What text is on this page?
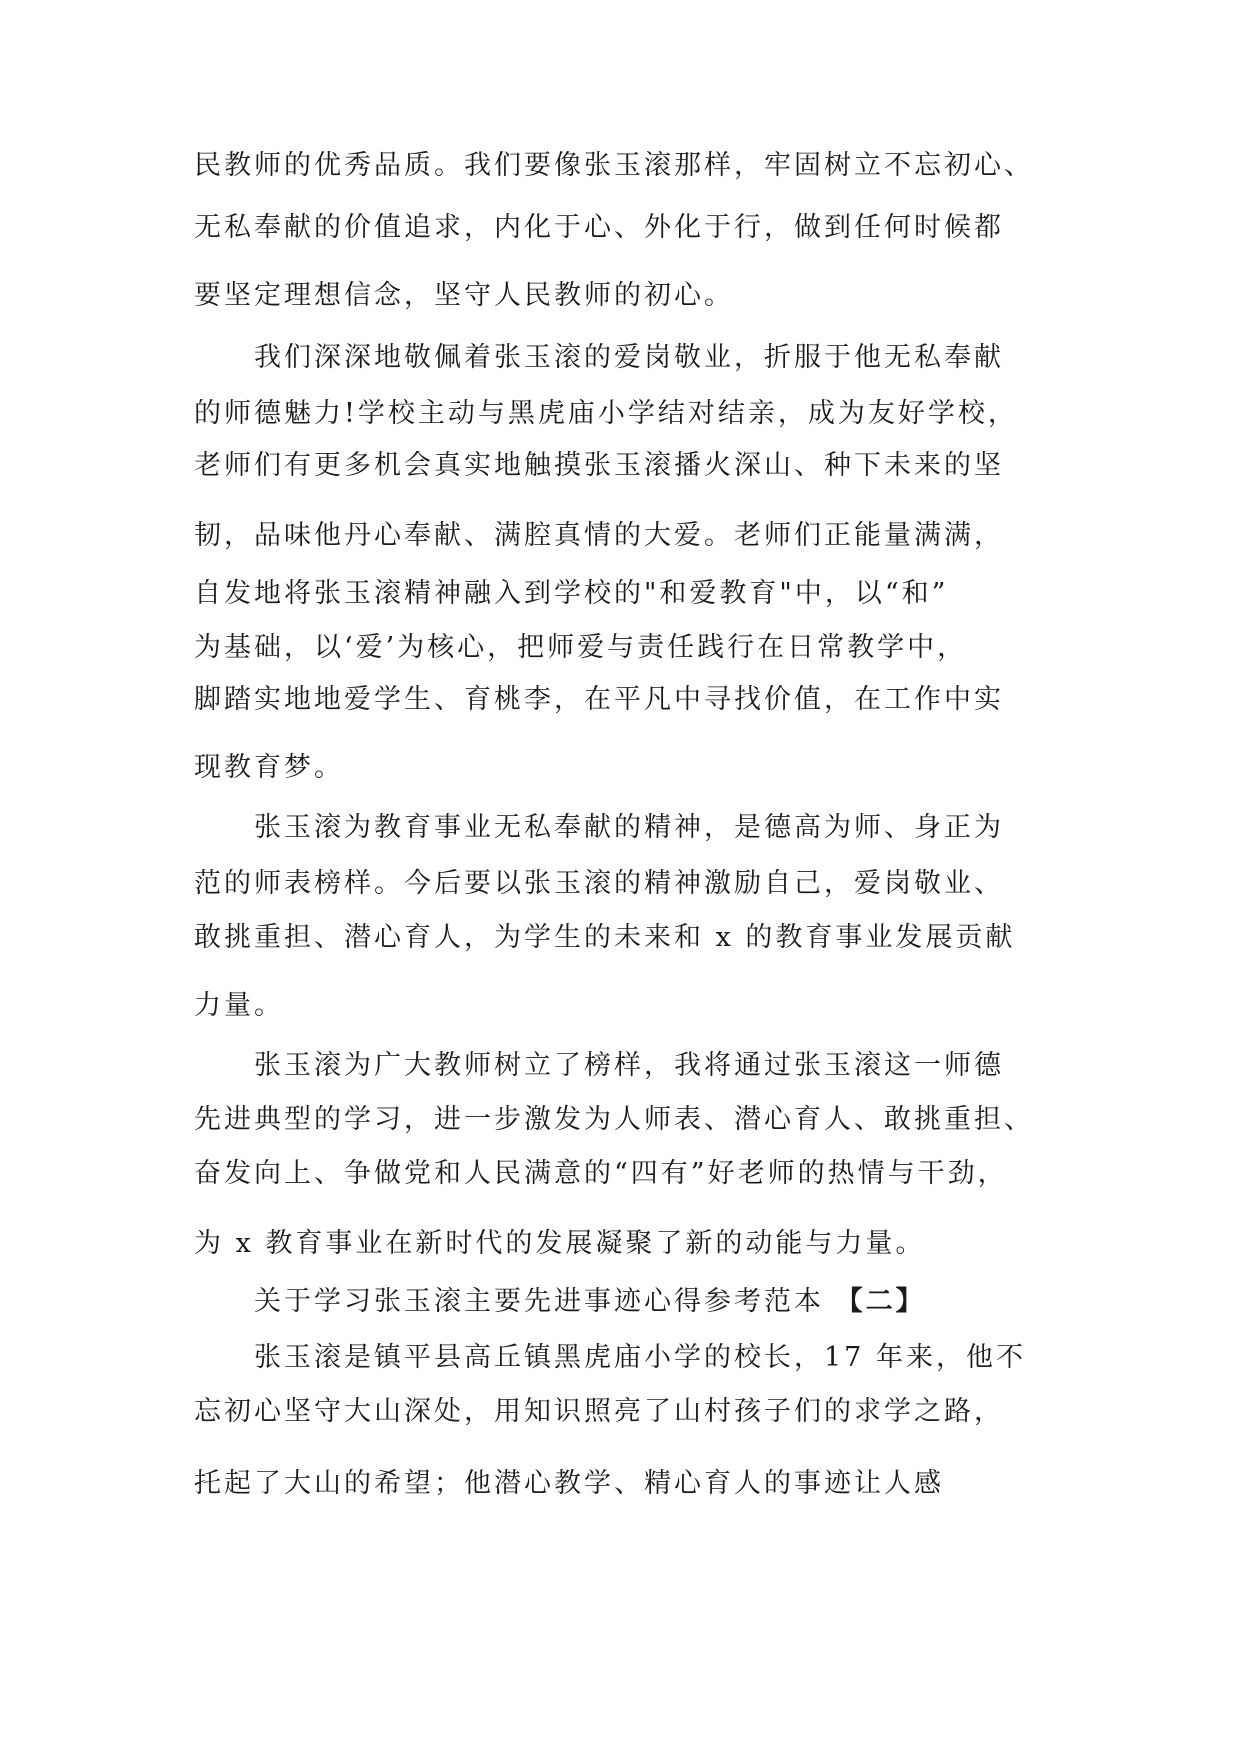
民教师的优秀品质。我们要像张玉滚那样，牢固树立不忘初心、
无私奉献的价值追求，内化于心、外化于行，做到任何时候都
要坚定理想信念，坚守人民教师的初心。
我们深深地敬佩着张玉滚的爱岗敬业，折服于他无私奉献
的师德魅力!学校主动与黑虎庙小学结对结亲，成为友好学校，
老师们有更多机会真实地触摸张玉滚播火深山、种下未来的坚
韧，品味他丹心奉献、满腔真情的大爱。老师们正能量满满，
自发地将张玉滚精神融入到学校的"和爱教育"中，以“和”
为基础，以‘爱’为核心，把师爱与责任践行在日常教学中，
脚踏实地地爱学生、育桃李，在平凡中寻找价值，在工作中实
现教育梦。
张玉滚为教育事业无私奉献的精神，是德高为师、身正为
范的师表榜样。今后要以张玉滚的精神激励自己，爱岗敬业、
敢挑重担、潜心育人，为学生的未来和 x 的教育事业发展贡献
力量。
张玉滚为广大教师树立了榜样，我将通过张玉滚这一师德
先进典型的学习，进一步激发为人师表、潜心育人、敢挑重担、
奋发向上、争做党和人民满意的“四有”好老师的热情与干劲，
为 x 教育事业在新时代的发展凝聚了新的动能与力量。
关于学习张玉滚主要先进事迹心得参考范本 【二】
张玉滚是镇平县高丘镇黑虎庙小学的校长，17 年来，他不
忘初心坚守大山深处，用知识照亮了山村孩子们的求学之路，
托起了大山的希望；他潜心教学、精心育人的事迹让人感
